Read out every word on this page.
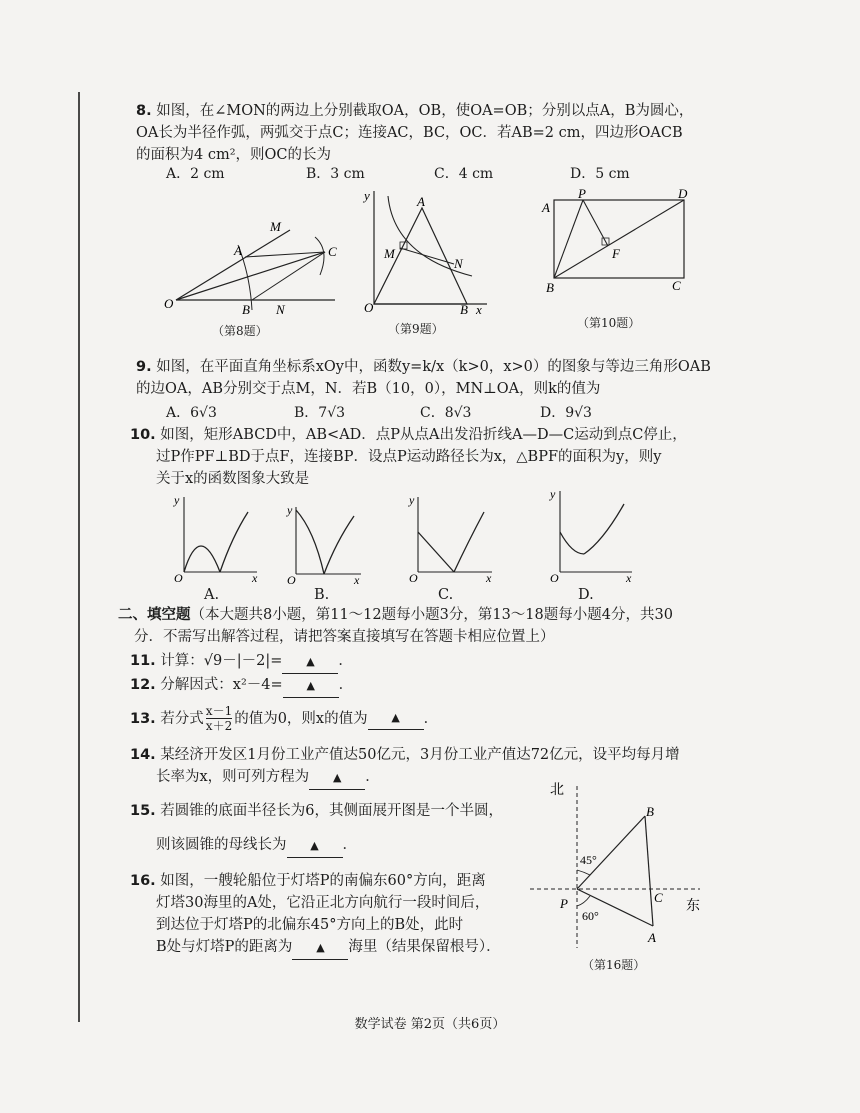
8. 如图，在∠MON的两边上分别截取OA，OB，使OA=OB；分别以点A，B为圆心，
OA长为半径作弧，两弧交于点C；连接AC，BC，OC．若AB=2 cm，四边形OACB
的面积为4 cm²，则OC的长为
A．2 cm	B．3 cm	C．4 cm	D．5 cm
O
A
B N
M
C
（第8题）
y	A
M
N
O	B x
（第9题）
A
P	D
F
B	C
（第10题）
9. 如图，在平面直角坐标系xOy中，函数y=k/x（k>0，x>0）的图象与等边三角形OAB
的边OA，AB分别交于点M，N．若B（10，0），MN⊥OA，则k的值为
A．6√3	B．7√3	C．8√3	D．9√3
10. 如图，矩形ABCD中，AB<AD．点P从点A出发沿折线A—D—C运动到点C停止，
过P作PF⊥BD于点F，连接BP．设点P运动路径长为x，△BPF的面积为y，则y
关于x的函数图象大致是
y
O	x
y
O	x
y
O	x
y
O	x
A.	B.	C.	D.
二、填空题（本大题共8小题，第11～12题每小题3分，第13～18题每小题4分，共30
分．不需写出解答过程，请把答案直接填写在答题卡相应位置上）
11. 计算：√9－|－2|= ▲ ．
12. 分解因式：x²－4= ▲ ．
13.
若分式 x－1
x＋2 的值为0，则x的值为	▲	．
14. 某经济开发区1月份工业产值达50亿元，3月份工业产值达72亿元，设平均每月增
长率为x，则可列方程为 ▲ ．
15. 若圆锥的底面半径长为6，其侧面展开图是一个半圆，
则该圆锥的母线长为 ▲ ．
16. 如图，一艘轮船位于灯塔P的南偏东60°方向，距离
灯塔30海里的A处，它沿正北方向航行一段时间后，
到达位于灯塔P的北偏东45°方向上的B处，此时
B处与灯塔P的距离为 ▲ 海里（结果保留根号）．
北
东
45°
60°
P
B
A
C
（第16题）
数学试卷 第2页（共6页）
